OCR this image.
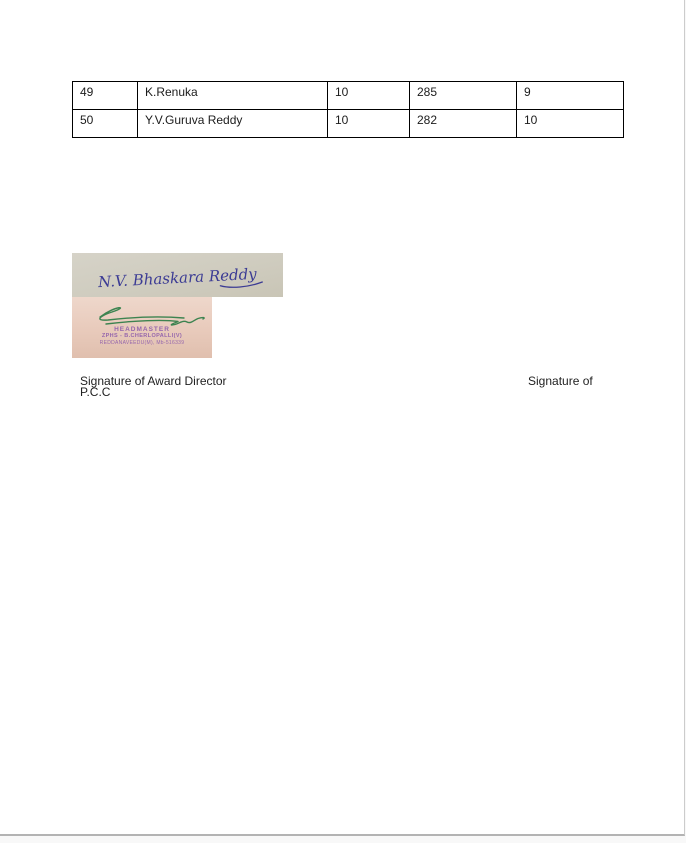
49	K.Renuka	10	285	9
50	Y.V.Guruva Reddy	10	282	10
N.V. Bhaskara Reddy
HEADMASTER
ZPHS - B.CHERLOPALLI(V)
REDDANAVEEDU(M), Mb-516339
Signature of Award Director
P.C.C
Signature of
